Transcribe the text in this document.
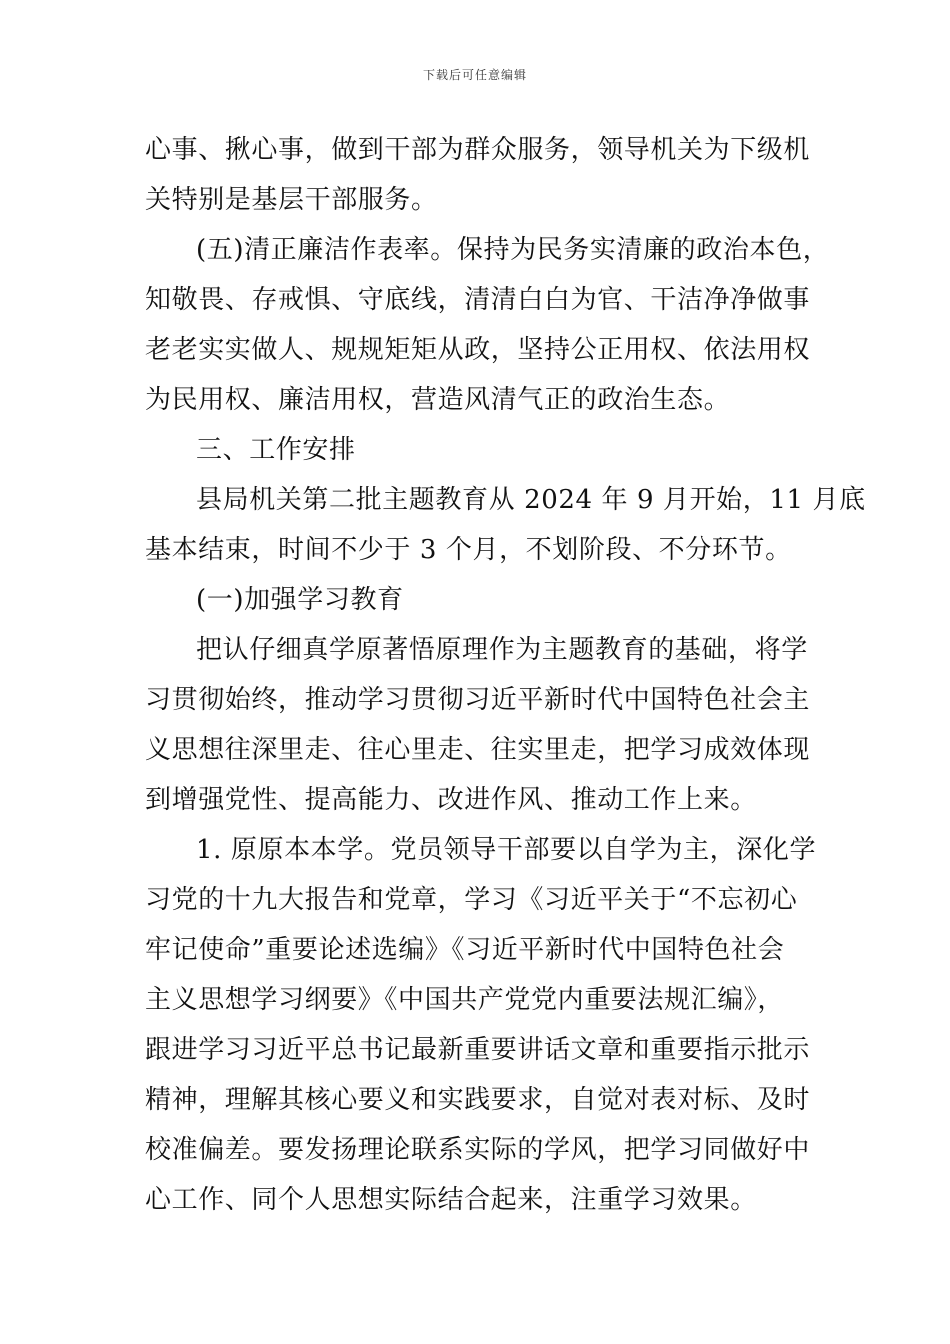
下载后可任意编辑
心事、揪心事，做到干部为群众服务，领导机关为下级机
关特别是基层干部服务。
(五)清正廉洁作表率。保持为民务实清廉的政治本色，
知敬畏、存戒惧、守底线，清清白白为官、干洁净净做事
老老实实做人、规规矩矩从政，坚持公正用权、依法用权
为民用权、廉洁用权，营造风清气正的政治生态。
三、工作安排
县局机关第二批主题教育从 2024 年 9 月开始，11 月底
基本结束，时间不少于 3 个月，不划阶段、不分环节。
(一)加强学习教育
把认仔细真学原著悟原理作为主题教育的基础，将学
习贯彻始终，推动学习贯彻习近平新时代中国特色社会主
义思想往深里走、往心里走、往实里走，把学习成效体现
到增强党性、提高能力、改进作风、推动工作上来。
1. 原原本本学。党员领导干部要以自学为主，深化学
习党的十九大报告和党章，学习《习近平关于“不忘初心
牢记使命”重要论述选编》《习近平新时代中国特色社会
主义思想学习纲要》《中国共产党党内重要法规汇编》，
跟进学习习近平总书记最新重要讲话文章和重要指示批示
精神，理解其核心要义和实践要求，自觉对表对标、及时
校准偏差。要发扬理论联系实际的学风，把学习同做好中
心工作、同个人思想实际结合起来，注重学习效果。
